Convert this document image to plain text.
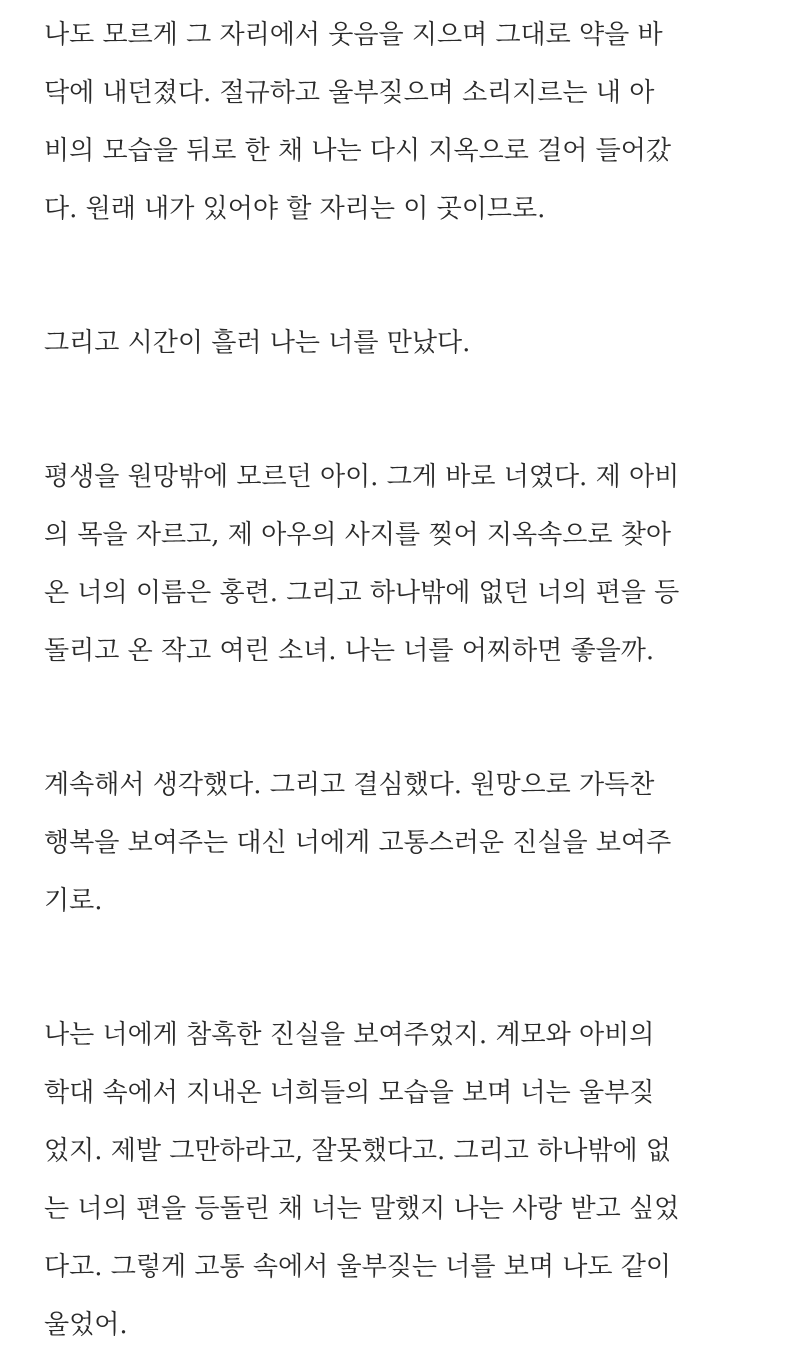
나도 모르게 그 자리에서 웃음을 지으며 그대로 약을 바
닥에 내던졌다. 절규하고 울부짖으며 소리지르는 내 아
비의 모습을 뒤로 한 채 나는 다시 지옥으로 걸어 들어갔
다. 원래 내가 있어야 할 자리는 이 곳이므로.
그리고 시간이 흘러 나는 너를 만났다.
평생을 원망밖에 모르던 아이. 그게 바로 너였다. 제 아비
의 목을 자르고, 제 아우의 사지를 찢어 지옥속으로 찾아
온 너의 이름은 홍련. 그리고 하나밖에 없던 너의 편을 등
돌리고 온 작고 여린 소녀. 나는 너를 어찌하면 좋을까.
계속해서 생각했다. 그리고 결심했다. 원망으로 가득찬
행복을 보여주는 대신 너에게 고통스러운 진실을 보여주
기로.
나는 너에게 참혹한 진실을 보여주었지. 계모와 아비의
학대 속에서 지내온 너희들의 모습을 보며 너는 울부짖
었지. 제발 그만하라고, 잘못했다고. 그리고 하나밖에 없
는 너의 편을 등돌린 채 너는 말했지 나는 사랑 받고 싶었
다고. 그렇게 고통 속에서 울부짖는 너를 보며 나도 같이
울었어.
